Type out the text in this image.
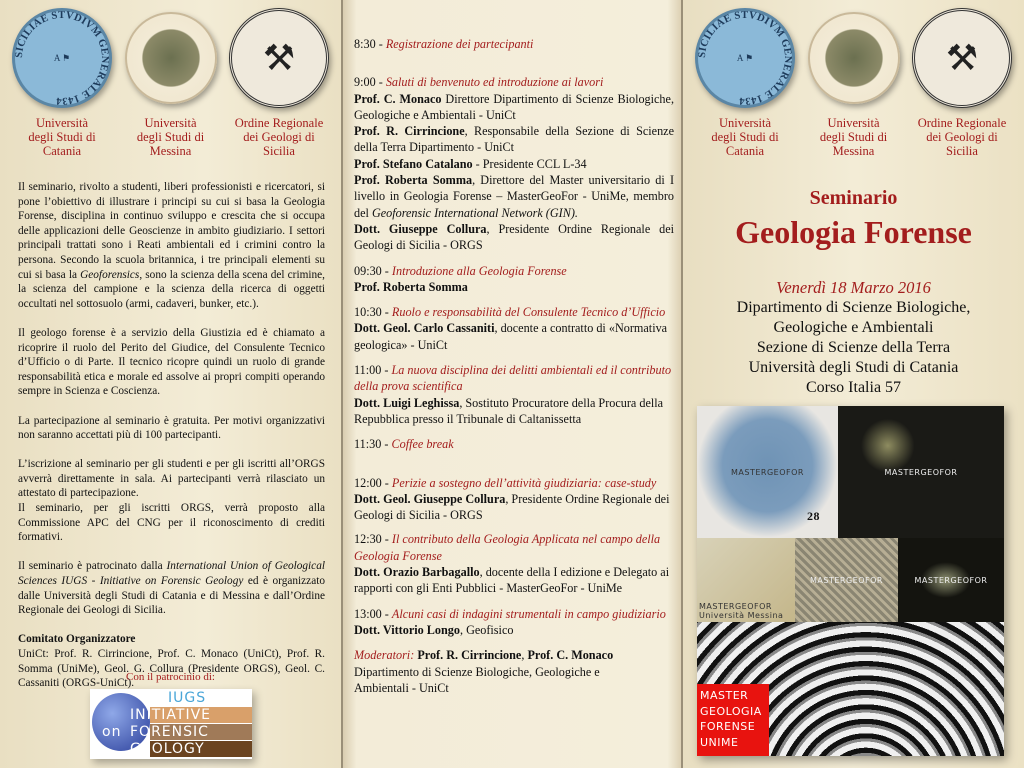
SICILIAE STVDIVM GENERALE 1434
A ⚑
Università
degli Studi di
Catania
Università
degli Studi di
Messina
⚒
Ordine Regionale
dei Geologi di
Sicilia

Il seminario, rivolto a studenti, liberi professionisti e ricercatori, si pone l’obiettivo di illustrare i principi su cui si basa la Geologia Forense, disciplina in continuo sviluppo e crescita che si occupa delle applicazioni delle Geoscienze in ambito giudiziario. I settori principali trattati sono i Reati ambientali ed i crimini contro la persona. Secondo la scuola britannica, i tre principali elementi su cui si basa la Geoforensics, sono la scienza della scena del crimine, la scienza del campione e la scienza della ricerca di oggetti occultati nel sottosuolo (armi, cadaveri, bunker, etc.).

Il geologo forense è a servizio della Giustizia ed è chiamato a ricoprire il ruolo del Perito del Giudice, del Consulente Tecnico d’Ufficio o di Parte. Il tecnico ricopre quindi un ruolo di grande responsabilità etica e morale ed assolve ai propri compiti operando sempre in Scienza e Coscienza.

La partecipazione al seminario è gratuita. Per motivi organizzativi non saranno accettati più di 100 partecipanti.

L’iscrizione al seminario per gli studenti e per gli iscritti all’ORGS avverrà direttamente in sala. Ai partecipanti verrà rilasciato un attestato di partecipazione.

Il seminario, per gli iscritti ORGS, verrà proposto alla Commissione APC del CNG per il riconoscimento di crediti formativi.

Il seminario è patrocinato dalla International Union of Geological Sciences IUGS - Initiative on Forensic Geology ed è organizzato dalle Università degli Studi di Catania e di Messina e dall’Ordine Regionale dei Geologi di Sicilia.

Comitato Organizzatore
UniCt: Prof. R. Cirrincione, Prof. C. Monaco (UniCt), Prof. R. Somma (UniMe), Geol. G. Collura (Presidente ORGS), Geol. C. Cassaniti (ORGS-UniCt).

Con il patrocinio di:
IUGS
INITIATIVE
on FORENSIC
GEOLOGY
8:30 - Registrazione dei partecipanti
9:00 - Saluti di benvenuto ed introduzione ai lavori
Prof. C. Monaco Direttore Dipartimento di Scienze Biologiche, Geologiche e Ambientali - UniCt
Prof. R. Cirrincione, Responsabile della Sezione di Scienze della Terra Dipartimento - UniCt
Prof. Stefano Catalano - Presidente CCL L-34
Prof. Roberta Somma, Direttore del Master universitario di I livello in Geologia Forense – MasterGeoFor - UniMe, membro del Geoforensic International Network (GIN).
Dott. Giuseppe Collura, Presidente Ordine Regionale dei Geologi di Sicilia - ORGS
09:30 - Introduzione alla Geologia Forense
Prof. Roberta Somma
10:30 - Ruolo e responsabilità del Consulente Tecnico d’Ufficio
Dott. Geol. Carlo Cassaniti, docente a contratto di «Normativa geologica» - UniCt
11:00 - La nuova disciplina dei delitti ambientali ed il contributo della prova scientifica
Dott. Luigi Leghissa, Sostituto Procuratore della Procura della Repubblica presso il Tribunale di Caltanissetta
11:30 - Coffee break
12:00 - Perizie a sostegno dell’attività giudiziaria: case-study
Dott. Geol. Giuseppe Collura, Presidente Ordine Regionale dei Geologi di Sicilia - ORGS
12:30 - Il contributo della Geologia Applicata nel campo della Geologia Forense
Dott. Orazio Barbagallo, docente della I edizione e Delegato ai rapporti con gli Enti Pubblici - MasterGeoFor - UniMe
13:00 - Alcuni casi di indagini strumentali in campo giudiziario
Dott. Vittorio Longo, Geofisico
Moderatori: Prof. R. Cirrincione, Prof. C. Monaco
Dipartimento di Scienze Biologiche, Geologiche e Ambientali - UniCt
SICILIAE STVDIVM GENERALE 1434
A ⚑
Università
degli Studi di
Catania
Università
degli Studi di
Messina
⚒
Ordine Regionale
dei Geologi di
Sicilia
Seminario
Geologia Forense
Venerdì 18 Marzo 2016
Dipartimento di Scienze Biologiche,
Geologiche e Ambientali
Sezione di Scienze della Terra
Università degli Studi di Catania
Corso Italia 57
MASTERGEOFOR
28
MASTERGEOFOR
MASTERGEOFOR Università Messina
MASTERGEOFOR	MASTERGEOFOR
MASTER
GEOLOGIA
FORENSE
UNIME
